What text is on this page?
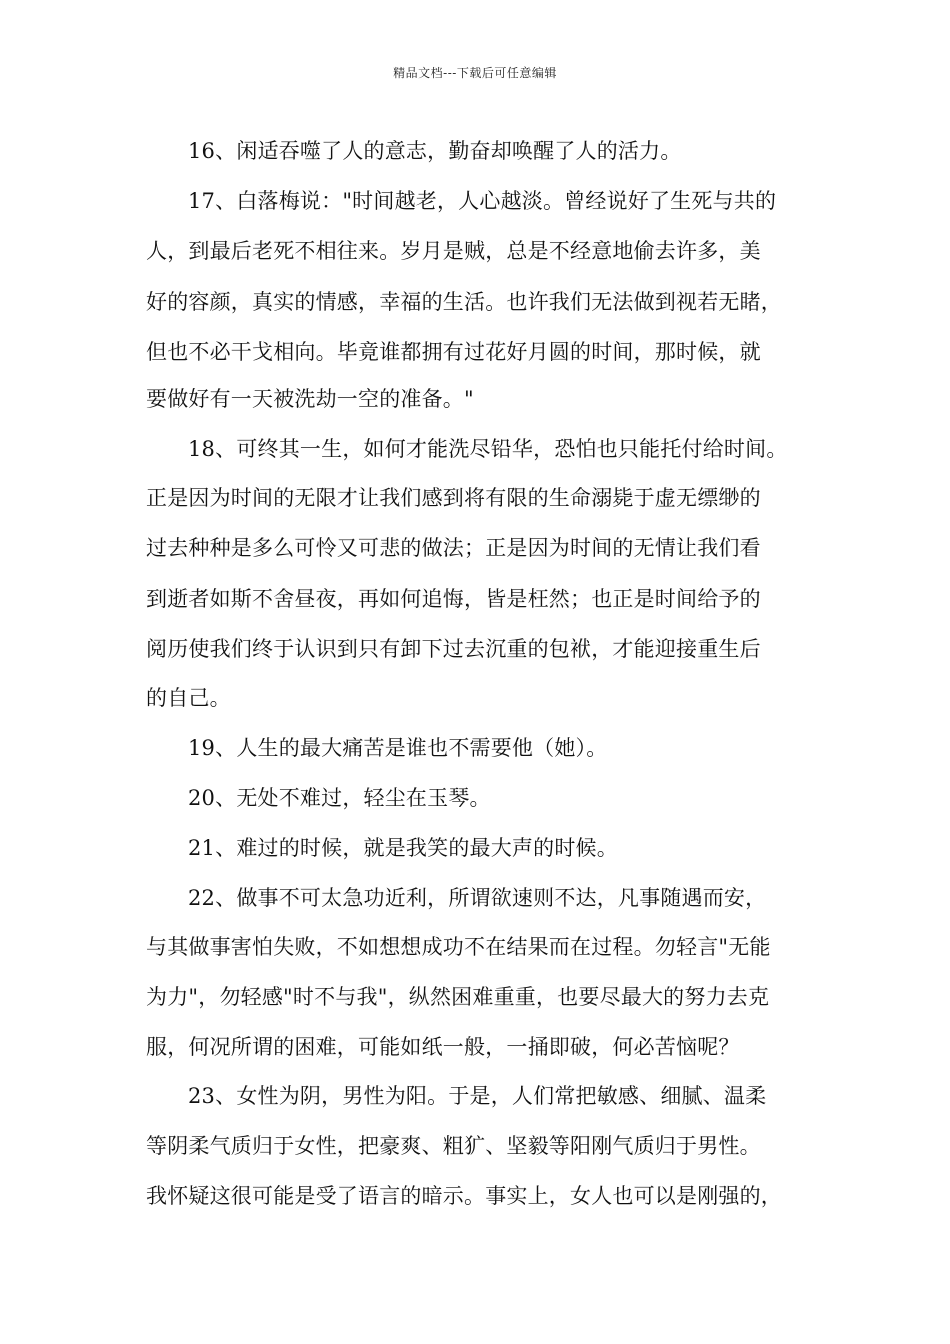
精品文档---下载后可任意编辑
16、闲适吞噬了人的意志，勤奋却唤醒了人的活力。
17、白落梅说："时间越老，人心越淡。曾经说好了生死与共的
人，到最后老死不相往来。岁月是贼，总是不经意地偷去许多，美
好的容颜，真实的情感，幸福的生活。也许我们无法做到视若无睹，
但也不必干戈相向。毕竟谁都拥有过花好月圆的时间，那时候，就
要做好有一天被洗劫一空的准备。"
18、可终其一生，如何才能洗尽铅华，恐怕也只能托付给时间。
正是因为时间的无限才让我们感到将有限的生命溺毙于虚无缥缈的
过去种种是多么可怜又可悲的做法；正是因为时间的无情让我们看
到逝者如斯不舍昼夜，再如何追悔，皆是枉然；也正是时间给予的
阅历使我们终于认识到只有卸下过去沉重的包袱，才能迎接重生后
的自己。
19、人生的最大痛苦是谁也不需要他（她）。
20、无处不难过，轻尘在玉琴。
21、难过的时候，就是我笑的最大声的时候。
22、做事不可太急功近利，所谓欲速则不达，凡事随遇而安，
与其做事害怕失败，不如想想成功不在结果而在过程。勿轻言"无能
为力"，勿轻感"时不与我"，纵然困难重重，也要尽最大的努力去克
服，何况所谓的困难，可能如纸一般，一捅即破，何必苦恼呢？
23、女性为阴，男性为阳。于是，人们常把敏感、细腻、温柔
等阴柔气质归于女性，把豪爽、粗犷、坚毅等阳刚气质归于男性。
我怀疑这很可能是受了语言的暗示。事实上，女人也可以是刚强的，
